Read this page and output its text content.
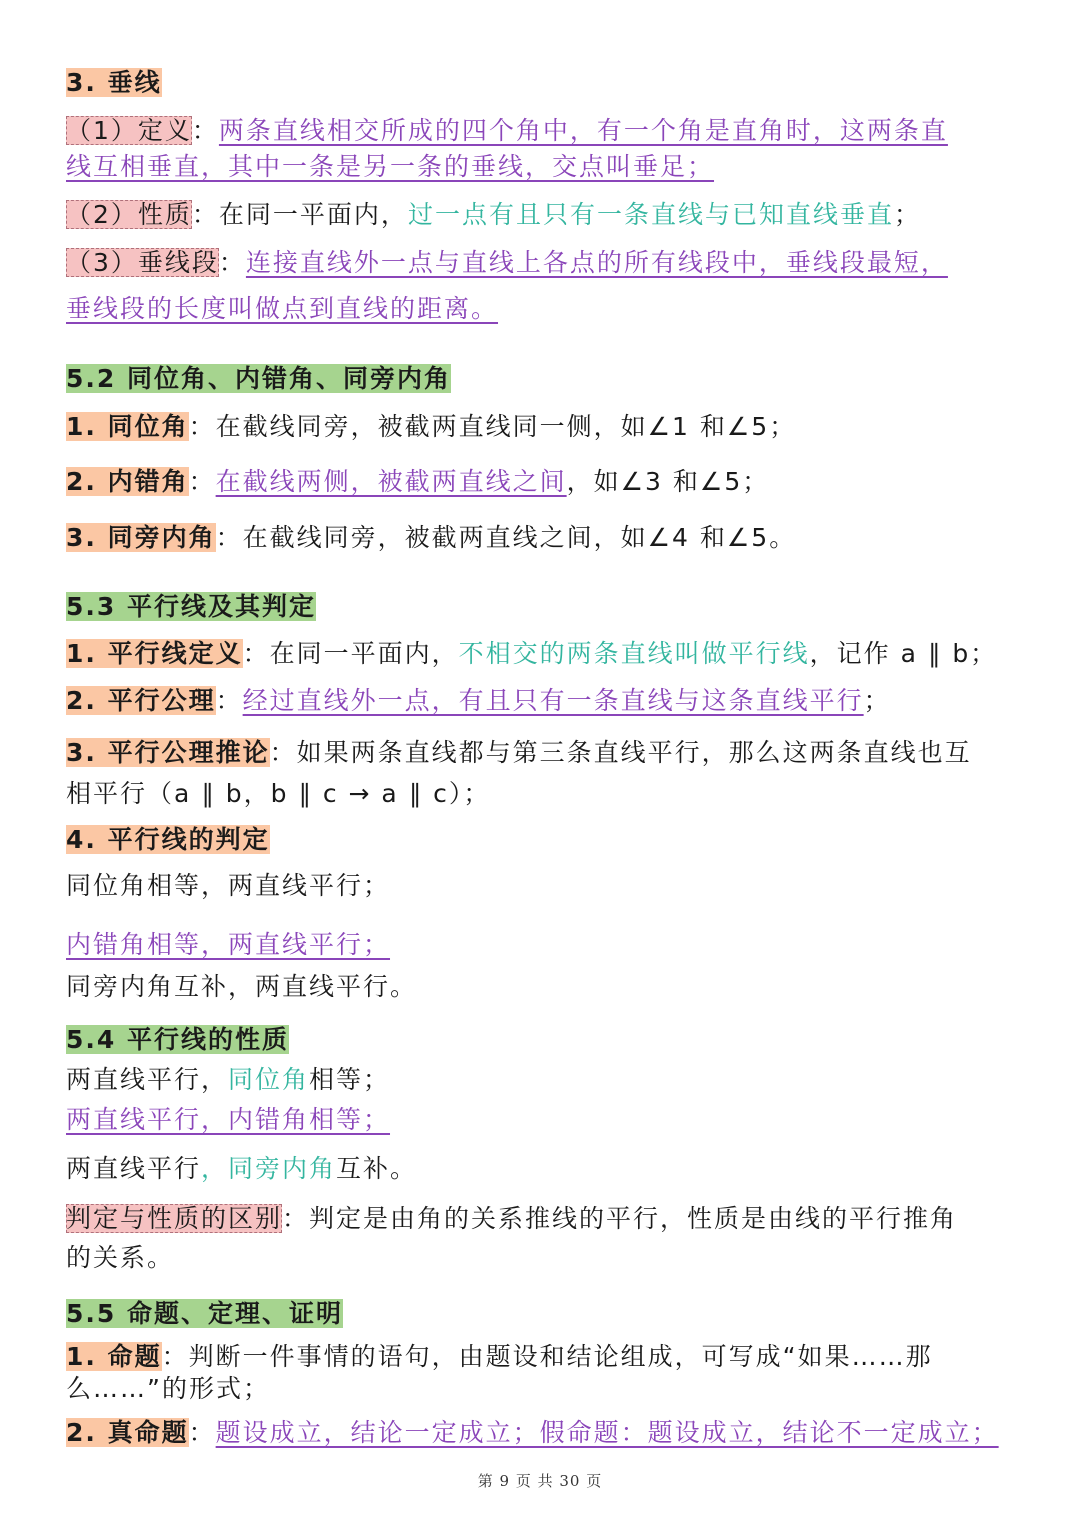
3. 垂线
（1）定义：两条直线相交所成的四个角中，有一个角是直角时，这两条直
线互相垂直，其中一条是另一条的垂线，交点叫垂足；
（2）性质：在同一平面内，过一点有且只有一条直线与已知直线垂直；
（3）垂线段：连接直线外一点与直线上各点的所有线段中，垂线段最短，
垂线段的长度叫做点到直线的距离。
5.2 同位角、内错角、同旁内角
1. 同位角：在截线同旁，被截两直线同一侧，如∠1 和∠5；
2. 内错角：在截线两侧，被截两直线之间，如∠3 和∠5；
3. 同旁内角：在截线同旁，被截两直线之间，如∠4 和∠5。
5.3 平行线及其判定
1. 平行线定义：在同一平面内，不相交的两条直线叫做平行线，记作 a ∥ b；
2. 平行公理：经过直线外一点，有且只有一条直线与这条直线平行；
3. 平行公理推论：如果两条直线都与第三条直线平行，那么这两条直线也互
相平行（a ∥ b，b ∥ c → a ∥ c）；
4. 平行线的判定
同位角相等，两直线平行；
内错角相等，两直线平行；
同旁内角互补，两直线平行。
5.4 平行线的性质
两直线平行，同位角相等；
两直线平行，内错角相等；
两直线平行，同旁内角互补。
判定与性质的区别：判定是由角的关系推线的平行，性质是由线的平行推角
的关系。
5.5 命题、定理、证明
1. 命题：判断一件事情的语句，由题设和结论组成，可写成“如果……那
么……”的形式；
2. 真命题：题设成立，结论一定成立；假命题：题设成立，结论不一定成立；
第 9 页 共 30 页
